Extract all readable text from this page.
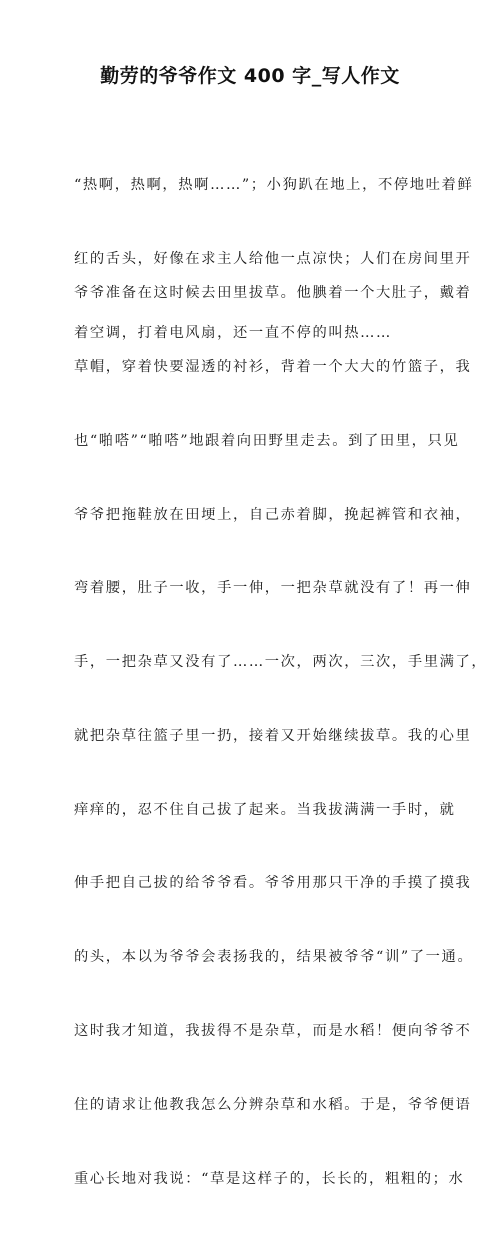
勤劳的爷爷作文 400 字_写人作文

“热啊，热啊，热啊……”；小狗趴在地上，不停地吐着鲜

红的舌头，好像在求主人给他一点凉快；人们在房间里开

着空调，打着电风扇，还一直不停的叫热……

爷爷准备在这时候去田里拔草。他腆着一个大肚子，戴着

草帽，穿着快要湿透的衬衫，背着一个大大的竹篮子，我

也“啪嗒”“啪嗒”地跟着向田野里走去。到了田里，只见

爷爷把拖鞋放在田埂上，自己赤着脚，挽起裤管和衣袖，

弯着腰，肚子一收，手一伸，一把杂草就没有了！再一伸

手，一把杂草又没有了……一次，两次，三次，手里满了，

就把杂草往篮子里一扔，接着又开始继续拔草。我的心里

痒痒的，忍不住自己拔了起来。当我拔满满一手时，就

伸手把自己拔的给爷爷看。爷爷用那只干净的手摸了摸我

的头，本以为爷爷会表扬我的，结果被爷爷“训”了一通。

这时我才知道，我拔得不是杂草，而是水稻！便向爷爷不

住的请求让他教我怎么分辨杂草和水稻。于是，爷爷便语

重心长地对我说：“草是这样子的，长长的，粗粗的；水
